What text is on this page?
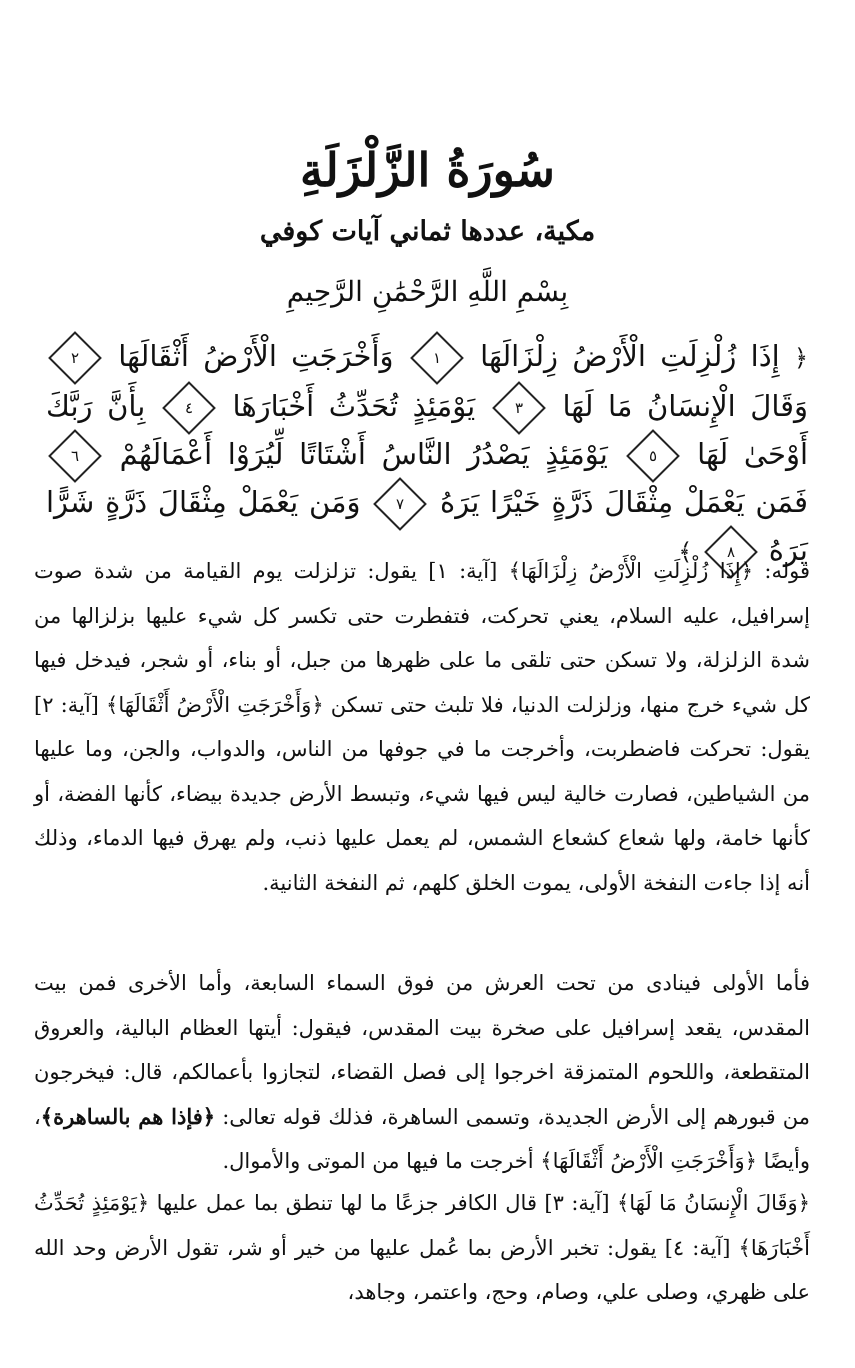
سُورَةُ الزَّلْزَلَةِ
مكية، عددها ثماني آيات كوفي
بِسْمِ اللَّهِ الرَّحْمَٰنِ الرَّحِيمِ
﴿ إِذَا زُلْزِلَتِ الْأَرْضُ زِلْزَالَهَا ١ وَأَخْرَجَتِ الْأَرْضُ أَثْقَالَهَا ٢ وَقَالَ الْإِنسَانُ مَا لَهَا ٣ يَوْمَئِذٍ تُحَدِّثُ أَخْبَارَهَا ٤ بِأَنَّ رَبَّكَ أَوْحَىٰ لَهَا ٥ يَوْمَئِذٍ يَصْدُرُ النَّاسُ أَشْتَاتًا لِّيُرَوْا أَعْمَالَهُمْ ٦ فَمَن يَعْمَلْ مِثْقَالَ ذَرَّةٍ خَيْرًا يَرَهُ ٧ وَمَن يَعْمَلْ مِثْقَالَ ذَرَّةٍ شَرًّا يَرَهُ ٨ ﴾

قوله: ﴿إِذَا زُلْزِلَتِ الْأَرْضُ زِلْزَالَهَا﴾ [آية: ١] يقول: تزلزلت يوم القيامة من شدة صوت إسرافيل، عليه السلام، يعني تحركت، فتفطرت حتى تكسر كل شيء عليها بزلزالها من شدة الزلزلة، ولا تسكن حتى تلقى ما على ظهرها من جبل، أو بناء، أو شجر، فيدخل فيها كل شيء خرج منها، وزلزلت الدنيا، فلا تلبث حتى تسكن ﴿وَأَخْرَجَتِ الْأَرْضُ أَثْقَالَهَا﴾ [آية: ٢] يقول: تحركت فاضطربت، وأخرجت ما في جوفها من الناس، والدواب، والجن، وما عليها من الشياطين، فصارت خالية ليس فيها شيء، وتبسط الأرض جديدة بيضاء، كأنها الفضة، أو كأنها خامة، ولها شعاع كشعاع الشمس، لم يعمل عليها ذنب، ولم يهرق فيها الدماء، وذلك أنه إذا جاءت النفخة الأولى، يموت الخلق كلهم، ثم النفخة الثانية.

فأما الأولى فينادى من تحت العرش من فوق السماء السابعة، وأما الأخرى فمن بيت المقدس، يقعد إسرافيل على صخرة بيت المقدس، فيقول: أيتها العظام البالية، والعروق المتقطعة، واللحوم المتمزقة اخرجوا إلى فصل القضاء، لتجازوا بأعمالكم، قال: فيخرجون من قبورهم إلى الأرض الجديدة، وتسمى الساهرة، فذلك قوله تعالى: ﴿فإذا هم بالساهرة﴾، وأيضًا ﴿وَأَخْرَجَتِ الْأَرْضُ أَثْقَالَهَا﴾ أخرجت ما فيها من الموتى والأموال.

﴿وَقَالَ الْإِنسَانُ مَا لَهَا﴾ [آية: ٣] قال الكافر جزعًا ما لها تنطق بما عمل عليها ﴿يَوْمَئِذٍ تُحَدِّثُ أَخْبَارَهَا﴾ [آية: ٤] يقول: تخبر الأرض بما عُمل عليها من خير أو شر، تقول الأرض وحد الله على ظهري، وصلى علي، وصام، وحج، واعتمر، وجاهد،
